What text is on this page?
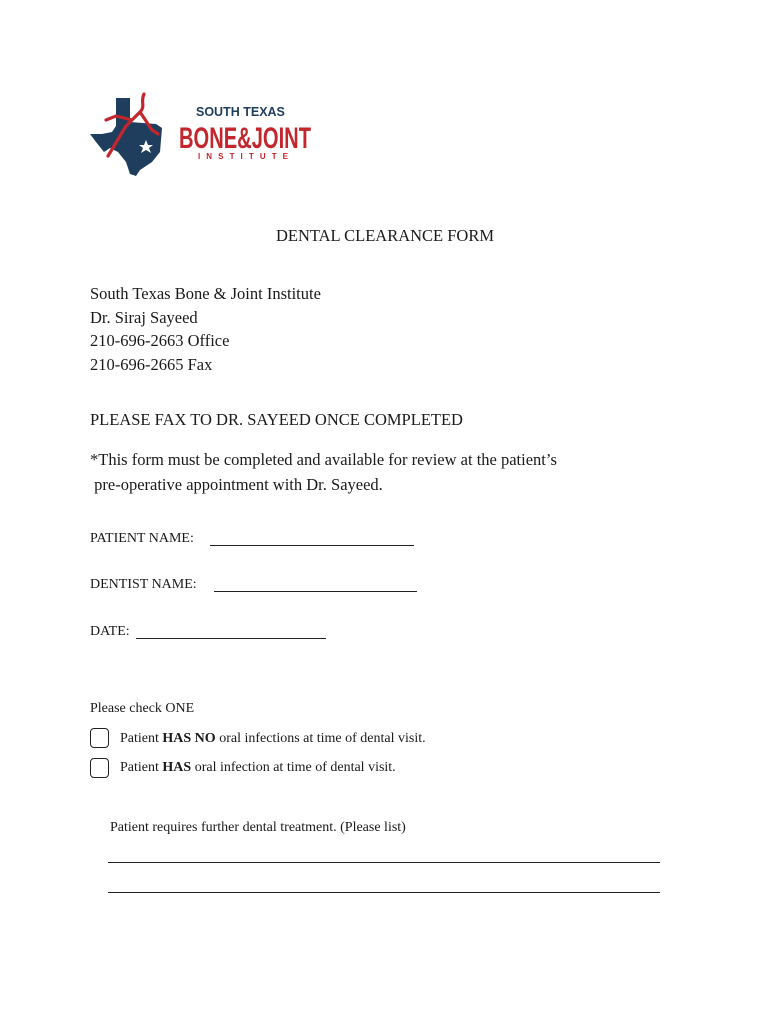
SOUTH TEXAS
BONE&JOINT
INSTITUTE
DENTAL CLEARANCE FORM
South Texas Bone & Joint Institute
Dr. Siraj Sayeed
210-696-2663 Office
210-696-2665 Fax
PLEASE FAX TO DR. SAYEED ONCE COMPLETED
*This form must be completed and available for review at the patient’s
pre-operative appointment with Dr. Sayeed.
PATIENT NAME:
DENTIST NAME:
DATE:
Please check ONE
Patient HAS NO oral infections at time of dental visit.
Patient HAS oral infection at time of dental visit.
Patient requires further dental treatment. (Please list)
